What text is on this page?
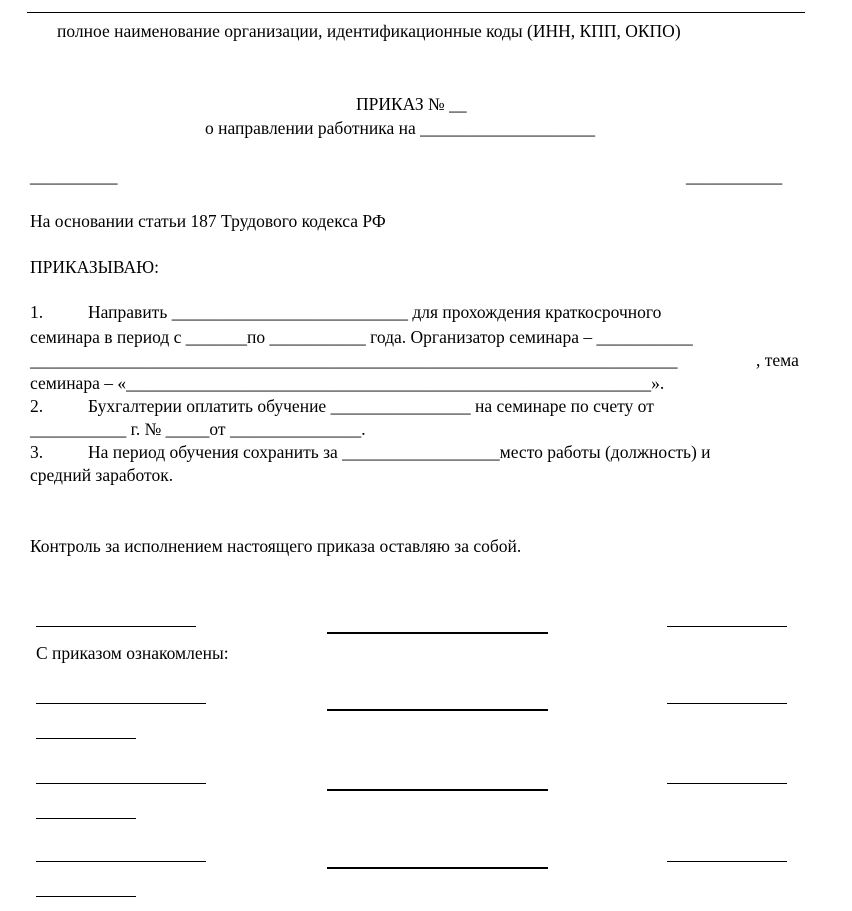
полное наименование организации, идентификационные коды (ИНН, КПП, ОКПО)
ПРИКАЗ № __
о направлении работника на ____________________
__________	___________
На основании статьи 187 Трудового кодекса РФ
ПРИКАЗЫВАЮ:
1.	Направить ___________________________ для прохождения краткосрочного
семинара в период с _______по ___________ года. Организатор семинара – ___________
__________________________________________________________________________	, тема
семинара – «____________________________________________________________».
2.	Бухгалтерии оплатить обучение ________________ на семинаре по счету от
___________ г. № _____от _______________.
3.	На период обучения сохранить за __________________место работы (должность) и
средний заработок.
Контроль за исполнением настоящего приказа оставляю за собой.
С приказом ознакомлены:
